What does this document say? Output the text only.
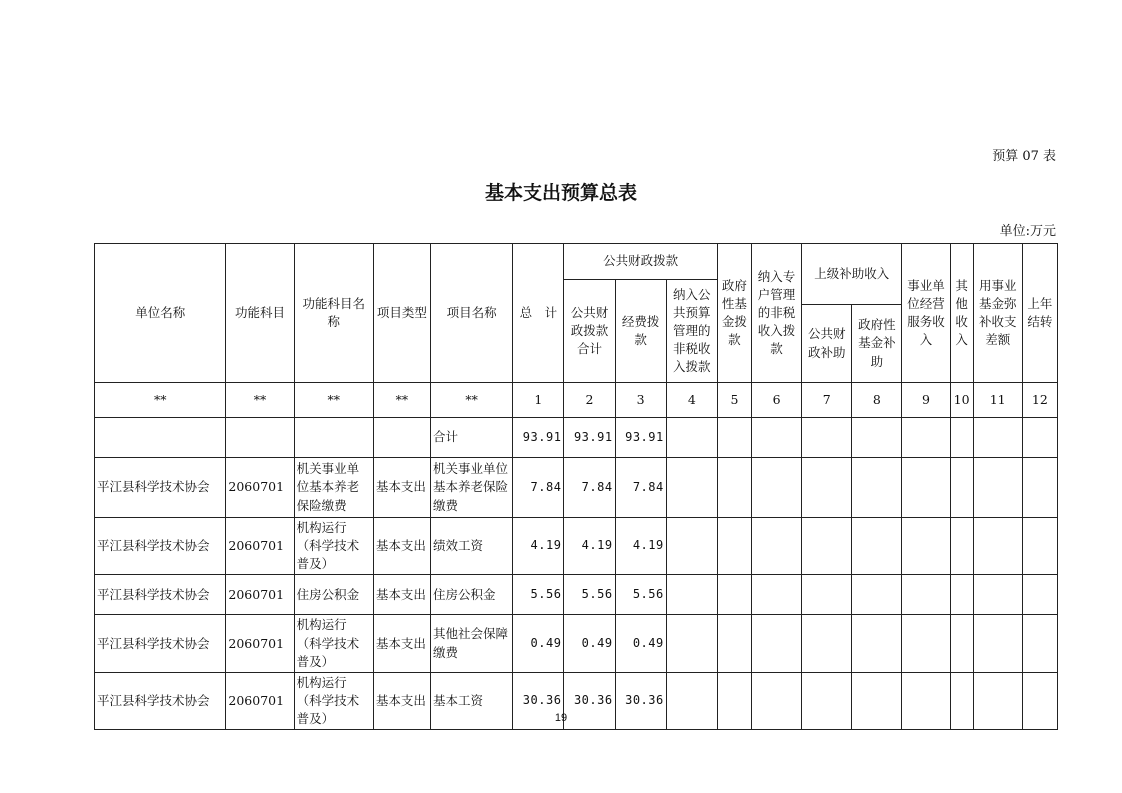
预算 07 表
基本支出预算总表
单位:万元
单位名称	功能科目	功能科目名称	项目类型	项目名称	总　计	公共财政拨款			政府性基金拨款	纳入专户管理的非税收入拨款	上级补助收入		事业单位经营服务收入	其他收入	用事业基金弥补收支差额	上年结转
						公共财政拨款合计	经费拨款	纳入公共预算管理的非税收入拨款								
											公共财政补助	政府性基金补助				
**	**	**	**	**	1	2	3	4	5	6	7	8	9	10	11	12
				合计	93.91	93.91	93.91									
平江县科学技术协会	2060701	机关事业单位基本养老保险缴费	基本支出	机关事业单位基本养老保险缴费	7.84	7.84	7.84									
平江县科学技术协会	2060701	机构运行（科学技术普及）	基本支出	绩效工资	4.19	4.19	4.19									
平江县科学技术协会	2060701	住房公积金	基本支出	住房公积金	5.56	5.56	5.56									
平江县科学技术协会	2060701	机构运行（科学技术普及）	基本支出	其他社会保障缴费	0.49	0.49	0.49									
平江县科学技术协会	2060701	机构运行（科学技术普及）	基本支出	基本工资	30.36	30.36	30.36									
19
